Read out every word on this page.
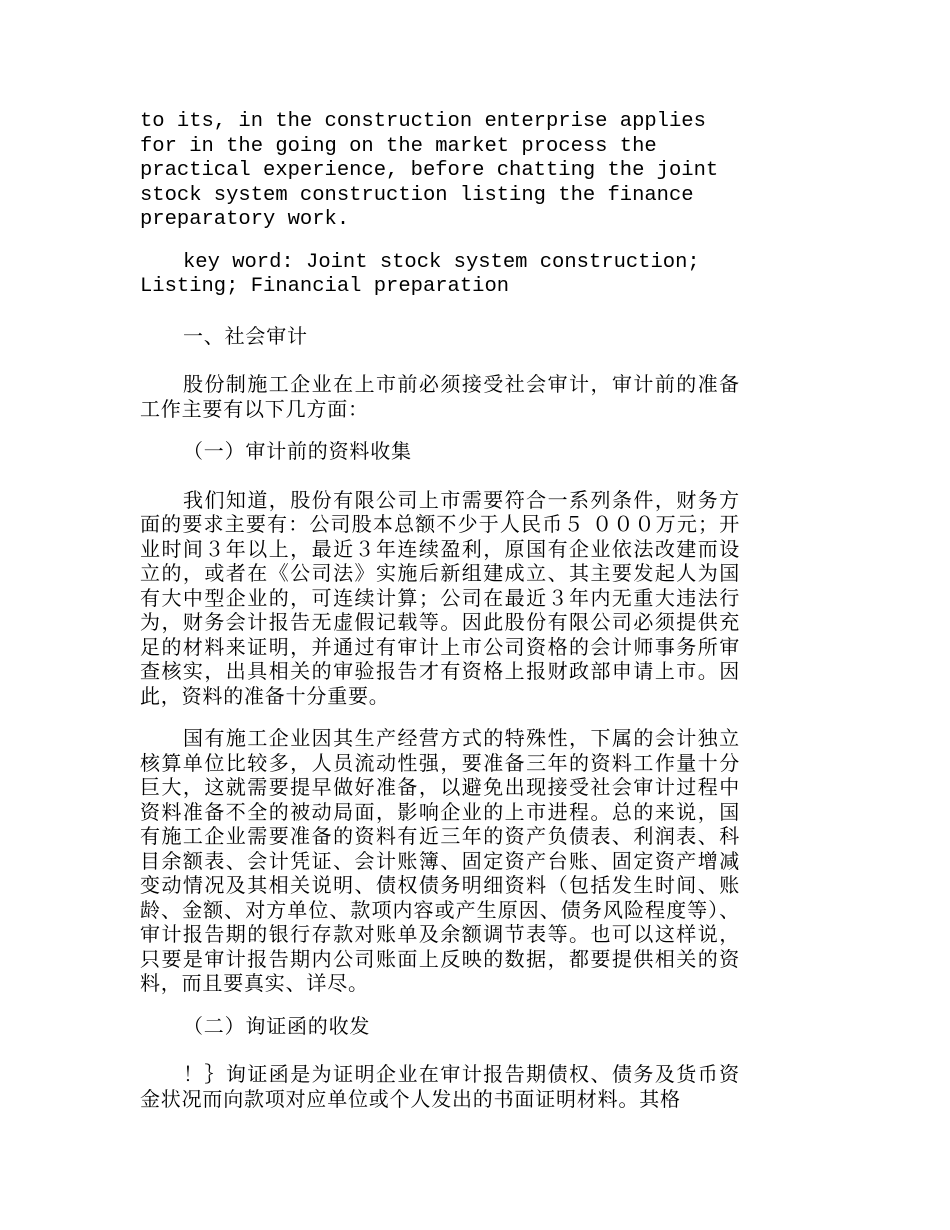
to its, in the construction enterprise applies for in the going on the market process the practical experience, before chatting the joint stock system construction listing the finance preparatory work.

key word: Joint stock system construction; Listing; Financial preparation

一、社会审计

股份制施工企业在上市前必须接受社会审计，审计前的准备工作主要有以下几方面：

（一）审计前的资料收集

我们知道，股份有限公司上市需要符合一系列条件，财务方面的要求主要有：公司股本总额不少于人民币５ ０００万元；开业时间３年以上，最近３年连续盈利，原国有企业依法改建而设立的，或者在《公司法》实施后新组建成立、其主要发起人为国有大中型企业的，可连续计算；公司在最近３年内无重大违法行为，财务会计报告无虚假记载等。因此股份有限公司必须提供充足的材料来证明，并通过有审计上市公司资格的会计师事务所审查核实，出具相关的审验报告才有资格上报财政部申请上市。因此，资料的准备十分重要。

国有施工企业因其生产经营方式的特殊性，下属的会计独立核算单位比较多，人员流动性强，要准备三年的资料工作量十分巨大，这就需要提早做好准备，以避免出现接受社会审计过程中资料准备不全的被动局面，影响企业的上市进程。总的来说，国有施工企业需要准备的资料有近三年的资产负债表、利润表、科目余额表、会计凭证、会计账簿、固定资产台账、固定资产增减变动情况及其相关说明、债权债务明细资料（包括发生时间、账龄、金额、对方单位、款项内容或产生原因、债务风险程度等）、审计报告期的银行存款对账单及余额调节表等。也可以这样说，只要是审计报告期内公司账面上反映的数据，都要提供相关的资料，而且要真实、详尽。

（二）询证函的收发

！｝询证函是为证明企业在审计报告期债权、债务及货币资金状况而向款项对应单位或个人发出的书面证明材料。其格
